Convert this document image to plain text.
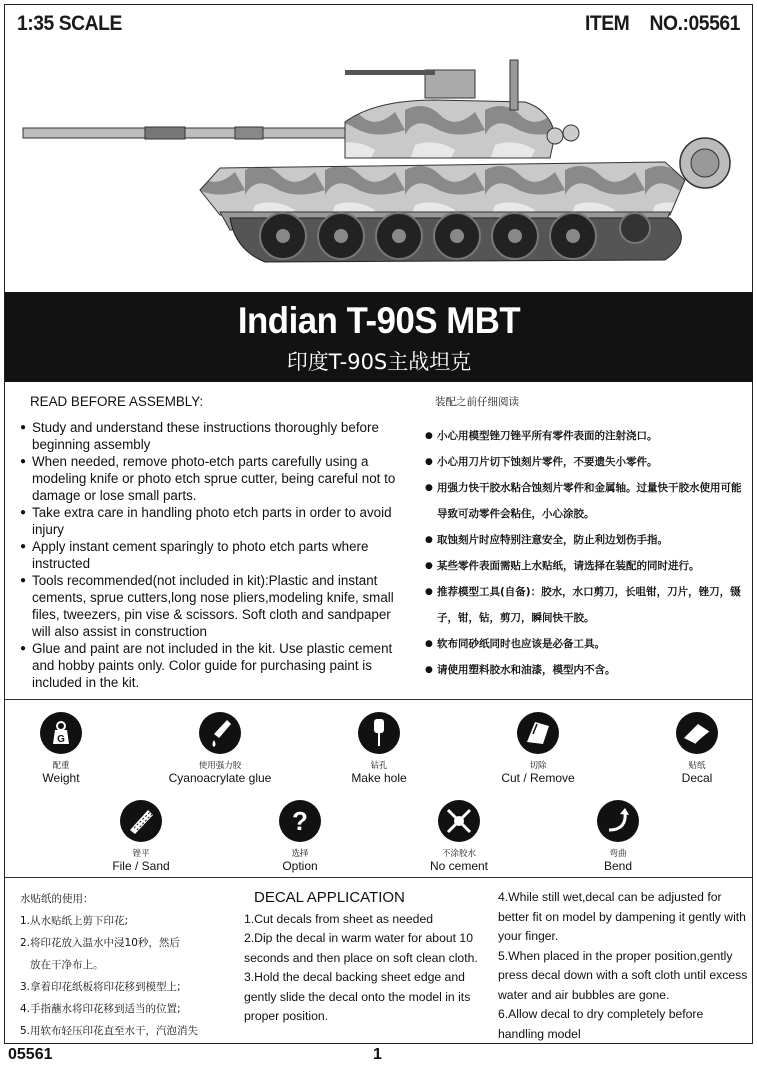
1:35 SCALE	ITEM NO.:05561
Indian T-90S MBT
印度T-90S主战坦克
READ BEFORE ASSEMBLY:
● Study and understand these instructions thoroughly before beginning assembly
● When needed, remove photo-etch parts carefully using a modeling knife or photo etch sprue cutter, being careful not to damage or lose small parts.
● Take extra care in handling photo etch parts in order to avoid injury
● Apply instant cement sparingly to photo etch parts where instructed
● Tools recommended(not included in kit):Plastic and instant cements, sprue cutters,long nose pliers,modeling knife, small files, tweezers, pin vise & scissors. Soft cloth and sandpaper will also assist in construction
● Glue and paint are not included in the kit. Use plastic cement and hobby paints only. Color guide for purchasing paint is included in the kit.
装配之前仔细阅读
● 小心用模型锉刀锉平所有零件表面的注射浇口。
● 小心用刀片切下蚀刻片零件，不要遗失小零件。
● 用强力快干胶水粘合蚀刻片零件和金属轴。过量快干胶水使用可能导致可动零件会粘住，小心涂胶。
● 取蚀刻片时应特别注意安全，防止利边划伤手指。
● 某些零件表面需贴上水贴纸，请选择在装配的同时进行。
● 推荐模型工具(自备)：胶水，水口剪刀，长咀钳，刀片，锉刀，镊子，钳，钻，剪刀，瞬间快干胶。
● 软布同砂纸同时也应该是必备工具。
● 请使用塑料胶水和油漆，模型内不含。
G
配重
Weight
使用强力胶
Cyanoacrylate glue
钻孔
Make hole
切除
Cut / Remove
贴纸
Decal
锉平
File / Sand
?
选择
Option
不涂胶水
No cement
弯曲
Bend
水贴纸的使用：
1.从水贴纸上剪下印花;
2.将印花放入温水中浸10秒，然后
放在干净布上。
3.拿着印花纸板将印花移到模型上;
4.手指蘸水将印花移到适当的位置;
5.用软布轻压印花直至水干，汽泡消失
DECAL APPLICATION
1.Cut decals from sheet as needed
2.Dip the decal in warm water for about 10 seconds and then place on soft clean cloth.
3.Hold the decal backing sheet edge and gently slide the decal onto the model in its proper position.
4.While still wet,decal can be adjusted for better fit on model by dampening it gently with your finger.
5.When placed in the proper position,gently press decal down with a soft cloth until excess water and air bubbles are gone.
6.Allow decal to dry completely before handling model
05561	1
